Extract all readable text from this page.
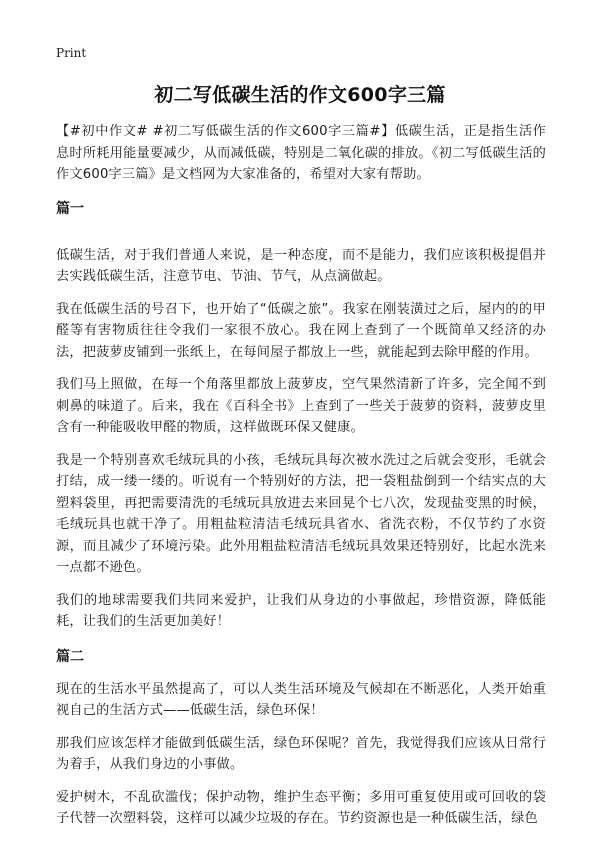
Print
初二写低碳生活的作文600字三篇

【#初中作文# #初二写低碳生活的作文600字三篇#】低碳生活，正是指生活作息时所耗用能量要减少，从而减低碳，特别是二氧化碳的排放。《初二写低碳生活的作文600字三篇》是文档网为大家准备的，希望对大家有帮助。

篇一

低碳生活，对于我们普通人来说，是一种态度，而不是能力，我们应该积极提倡并去实践低碳生活，注意节电、节油、节气，从点滴做起。

我在低碳生活的号召下，也开始了“低碳之旅”。我家在刚装潢过之后，屋内的的甲醛等有害物质往往令我们一家很不放心。我在网上查到了一个既简单又经济的办法，把菠萝皮铺到一张纸上，在每间屋子都放上一些，就能起到去除甲醛的作用。

我们马上照做，在每一个角落里都放上菠萝皮，空气果然清新了许多，完全闻不到刺鼻的味道了。后来，我在《百科全书》上查到了一些关于菠萝的资料，菠萝皮里含有一种能吸收甲醛的物质，这样做既环保又健康。

我是一个特别喜欢毛绒玩具的小孩，毛绒玩具每次被水洗过之后就会变形，毛就会打结，成一缕一缕的。听说有一个特别好的方法，把一袋粗盐倒到一个结实点的大塑料袋里，再把需要清洗的毛绒玩具放进去来回晃个七八次，发现盐变黑的时候，毛绒玩具也就干净了。用粗盐粒清洁毛绒玩具省水、省洗衣粉，不仅节约了水资源，而且减少了环境污染。此外用粗盐粒清洁毛绒玩具效果还特别好，比起水洗来一点都不逊色。

我们的地球需要我们共同来爱护，让我们从身边的小事做起，珍惜资源，降低能耗，让我们的生活更加美好！

篇二

现在的生活水平虽然提高了，可以人类生活环境及气候却在不断恶化，人类开始重视自己的生活方式——低碳生活，绿色环保！

那我们应该怎样才能做到低碳生活，绿色环保呢？首先，我觉得我们应该从日常行为着手，从我们身边的小事做。

爱护树木，不乱砍滥伐；保护动物，维护生态平衡；多用可重复使用或可回收的袋子代替一次塑料袋，这样可以减少垃圾的存在。节约资源也是一种低碳生活，绿色
